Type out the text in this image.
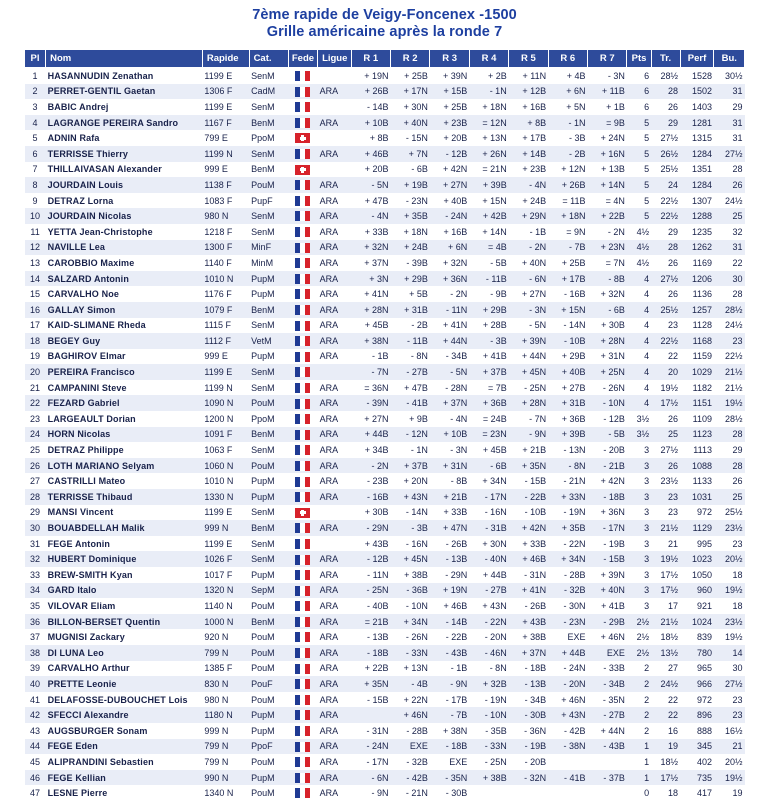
7ème rapide de Veigy-Foncenex -1500
Grille américaine après la ronde 7
Pl	Nom	Rapide	Cat.	Fede	Ligue	R 1	R 2	R 3	R 4	R 5	R 6	R 7	Pts	Tr.	Perf	Bu.
1	HASANNUDIN Zenathan	1199 E	SenM			+ 19N	+ 25B	+ 39N	+ 2B	+ 11N	+ 4B	- 3N	6	28½	1528	30½
2	PERRET-GENTIL Gaetan	1306 F	CadM		ARA	+ 26B	+ 17N	+ 15B	- 1N	+ 12B	+ 6N	+ 11B	6	28	1502	31
3	BABIC Andrej	1199 E	SenM			- 14B	+ 30N	+ 25B	+ 18N	+ 16B	+ 5N	+ 1B	6	26	1403	29
4	LAGRANGE PEREIRA Sandro	1167 F	BenM		ARA	+ 10B	+ 40N	+ 23B	= 12N	+ 8B	- 1N	= 9B	5	29	1281	31
5	ADNIN Rafa	799 E	PpoM			+ 8B	- 15N	+ 20B	+ 13N	+ 17B	- 3B	+ 24N	5	27½	1315	31
6	TERRISSE Thierry	1199 N	SenM		ARA	+ 46B	+ 7N	- 12B	+ 26N	+ 14B	- 2B	+ 16N	5	26½	1284	27½
7	THILLAIVASAN Alexander	999 E	BenM			+ 20B	- 6B	+ 42N	= 21N	+ 23B	+ 12N	+ 13B	5	25½	1351	28
8	JOURDAIN Louis	1138 F	PouM		ARA	- 5N	+ 19B	+ 27N	+ 39B	- 4N	+ 26B	+ 14N	5	24	1284	26
9	DETRAZ Lorna	1083 F	PupF		ARA	+ 47B	- 23N	+ 40B	+ 15N	+ 24B	= 11B	= 4N	5	22½	1307	24½
10	JOURDAIN Nicolas	980 N	SenM		ARA	- 4N	+ 35B	- 24N	+ 42B	+ 29N	+ 18N	+ 22B	5	22½	1288	25
11	YETTA Jean-Christophe	1218 F	SenM		ARA	+ 33B	+ 18N	+ 16B	+ 14N	- 1B	= 9N	- 2N	4½	29	1235	32
12	NAVILLE Lea	1300 F	MinF		ARA	+ 32N	+ 24B	+ 6N	= 4B	- 2N	- 7B	+ 23N	4½	28	1262	31
13	CAROBBIO Maxime	1140 F	MinM		ARA	+ 37N	- 39B	+ 32N	- 5B	+ 40N	+ 25B	= 7N	4½	26	1169	22
14	SALZARD Antonin	1010 N	PupM		ARA	+ 3N	+ 29B	+ 36N	- 11B	- 6N	+ 17B	- 8B	4	27½	1206	30
15	CARVALHO Noe	1176 F	PupM		ARA	+ 41N	+ 5B	- 2N	- 9B	+ 27N	- 16B	+ 32N	4	26	1136	28
16	GALLAY Simon	1079 F	BenM		ARA	+ 28N	+ 31B	- 11N	+ 29B	- 3N	+ 15N	- 6B	4	25½	1257	28½
17	KAID-SLIMANE Rheda	1115 F	SenM		ARA	+ 45B	- 2B	+ 41N	+ 28B	- 5N	- 14N	+ 30B	4	23	1128	24½
18	BEGEY Guy	1112 F	VetM		ARA	+ 38N	- 11B	+ 44N	- 3B	+ 39N	- 10B	+ 28N	4	22½	1168	23
19	BAGHIROV Elmar	999 E	PupM		ARA	- 1B	- 8N	- 34B	+ 41B	+ 44N	+ 29B	+ 31N	4	22	1159	22½
20	PEREIRA Francisco	1199 E	SenM			- 7N	- 27B	- 5N	+ 37B	+ 45N	+ 40B	+ 25N	4	20	1029	21½
21	CAMPANINI Steve	1199 N	SenM		ARA	= 36N	+ 47B	- 28N	= 7B	- 25N	+ 27B	- 26N	4	19½	1182	21½
22	FEZARD Gabriel	1090 N	PouM		ARA	- 39N	- 41B	+ 37N	+ 36B	+ 28N	+ 31B	- 10N	4	17½	1151	19½
23	LARGEAULT Dorian	1200 N	PpoM		ARA	+ 27N	+ 9B	- 4N	= 24B	- 7N	+ 36B	- 12B	3½	26	1109	28½
24	HORN Nicolas	1091 F	BenM		ARA	+ 44B	- 12N	+ 10B	= 23N	- 9N	+ 39B	- 5B	3½	25	1123	28
25	DETRAZ Philippe	1063 F	SenM		ARA	+ 34B	- 1N	- 3N	+ 45B	+ 21B	- 13N	- 20B	3	27½	1113	29
26	LOTH MARIANO Selyam	1060 N	PouM		ARA	- 2N	+ 37B	+ 31N	- 6B	+ 35N	- 8N	- 21B	3	26	1088	28
27	CASTRILLI Mateo	1010 N	PupM		ARA	- 23B	+ 20N	- 8B	+ 34N	- 15B	- 21N	+ 42N	3	23½	1133	26
28	TERRISSE Thibaud	1330 N	PupM		ARA	- 16B	+ 43N	+ 21B	- 17N	- 22B	+ 33N	- 18B	3	23	1031	25
29	MANSI Vincent	1199 E	SenM			+ 30B	- 14N	+ 33B	- 16N	- 10B	- 19N	+ 36N	3	23	972	25½
30	BOUABDELLAH Malik	999 N	BenM		ARA	- 29N	- 3B	+ 47N	- 31B	+ 42N	+ 35B	- 17N	3	21½	1129	23½
31	FEGE Antonin	1199 E	SenM			+ 43B	- 16N	- 26B	+ 30N	+ 33B	- 22N	- 19B	3	21	995	23
32	HUBERT Dominique	1026 F	SenM		ARA	- 12B	+ 45N	- 13B	- 40N	+ 46B	+ 34N	- 15B	3	19½	1023	20½
33	BREW-SMITH Kyan	1017 F	PupM		ARA	- 11N	+ 38B	- 29N	+ 44B	- 31N	- 28B	+ 39N	3	17½	1050	18
34	GARD Italo	1320 N	SepM		ARA	- 25N	- 36B	+ 19N	- 27B	+ 41N	- 32B	+ 40N	3	17½	960	19½
35	VILOVAR Eliam	1140 N	PouM		ARA	- 40B	- 10N	+ 46B	+ 43N	- 26B	- 30N	+ 41B	3	17	921	18
36	BILLON-BERSET Quentin	1000 N	BenM		ARA	= 21B	+ 34N	- 14B	- 22N	+ 43B	- 23N	- 29B	2½	21½	1024	23½
37	MUGNISI Zackary	920 N	PouM		ARA	- 13B	- 26N	- 22B	- 20N	+ 38B	EXE	+ 46N	2½	18½	839	19½
38	DI LUNA Leo	799 N	PouM		ARA	- 18B	- 33N	- 43B	- 46N	+ 37N	+ 44B	EXE	2½	13½	780	14
39	CARVALHO Arthur	1385 F	PouM		ARA	+ 22B	+ 13N	- 1B	- 8N	- 18B	- 24N	- 33B	2	27	965	30
40	PRETTE Leonie	830 N	PouF		ARA	+ 35N	- 4B	- 9N	+ 32B	- 13B	- 20N	- 34B	2	24½	966	27½
41	DELAFOSSE-DUBOUCHET Lois	980 N	PouM		ARA	- 15B	+ 22N	- 17B	- 19N	- 34B	+ 46N	- 35N	2	22	972	23
42	SFECCI Alexandre	1180 N	PupM		ARA		+ 46N	- 7B	- 10N	- 30B	+ 43N	- 27B	2	22	896	23
43	AUGSBURGER Sonam	999 N	PupM		ARA	- 31N	- 28B	+ 38N	- 35B	- 36N	- 42B	+ 44N	2	16	888	16½
44	FEGE Eden	799 N	PpoF		ARA	- 24N	EXE	- 18B	- 33N	- 19B	- 38N	- 43B	1	19	345	21
45	ALIPRANDINI Sebastien	799 N	PouM		ARA	- 17N	- 32B	EXE	- 25N	- 20B			1	18½	402	20½
46	FEGE Kellian	990 N	PupM		ARA	- 6N	- 42B	- 35N	+ 38B	- 32N	- 41B	- 37B	1	17½	735	19½
47	LESNE Pierre	1340 N	PouM		ARA	- 9N	- 21N	- 30B					0	18	417	19
